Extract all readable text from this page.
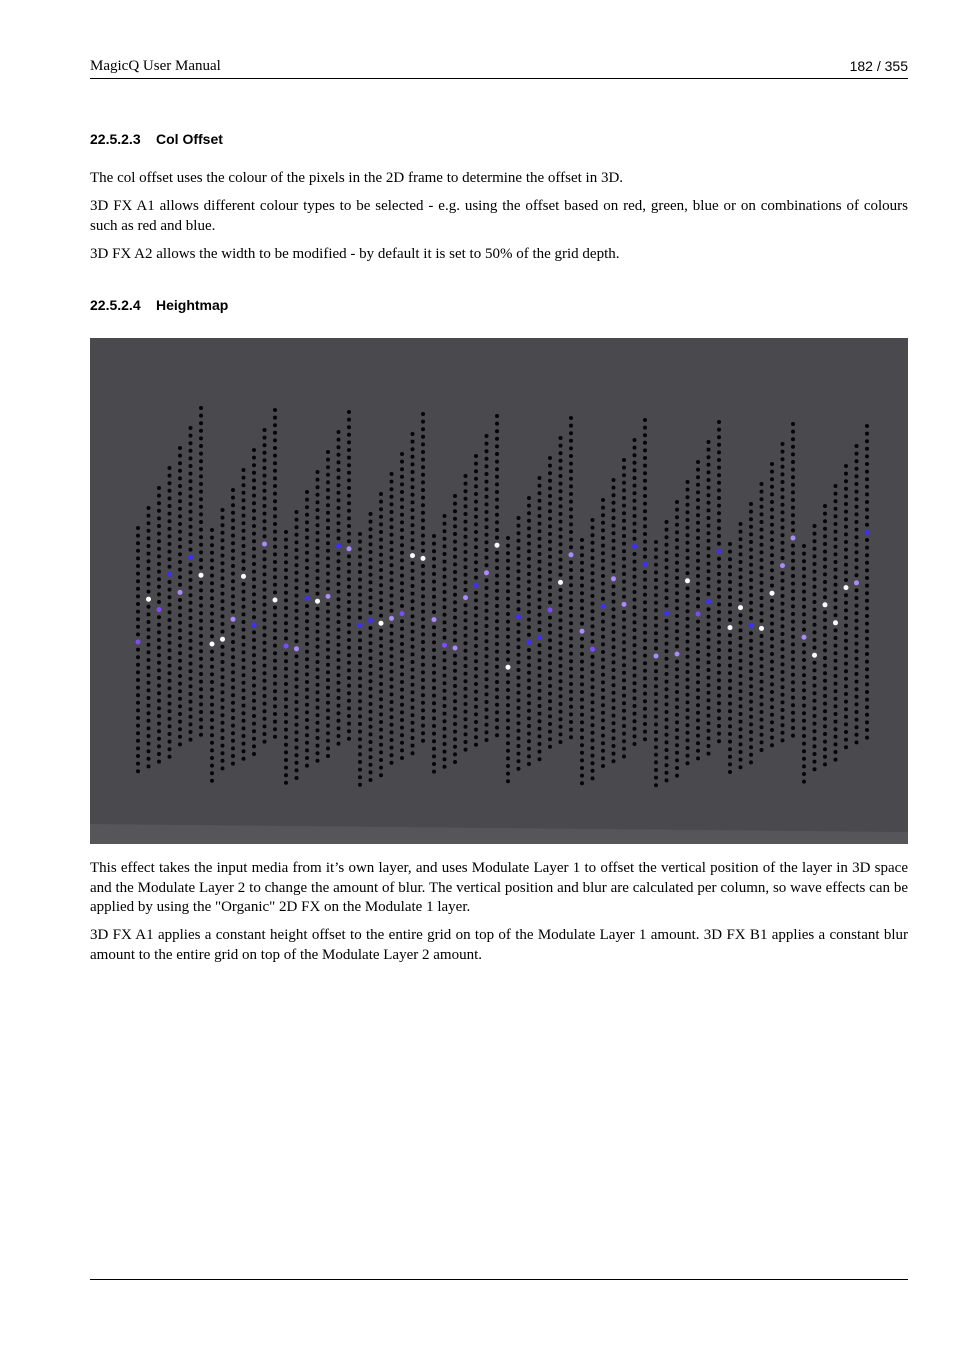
MagicQ User Manual	182 / 355
22.5.2.3 Col Offset
The col offset uses the colour of the pixels in the 2D frame to determine the offset in 3D.
3D FX A1 allows different colour types to be selected - e.g. using the offset based on red, green, blue or on combinations of colours such as red and blue.
3D FX A2 allows the width to be modified - by default it is set to 50% of the grid depth.
22.5.2.4 Heightmap
This effect takes the input media from it’s own layer, and uses Modulate Layer 1 to offset the vertical position of the layer in 3D space and the Modulate Layer 2 to change the amount of blur. The vertical position and blur are calculated per column, so wave effects can be applied by using the "Organic" 2D FX on the Modulate 1 layer.
3D FX A1 applies a constant height offset to the entire grid on top of the Modulate Layer 1 amount. 3D FX B1 applies a constant blur amount to the entire grid on top of the Modulate Layer 2 amount.
